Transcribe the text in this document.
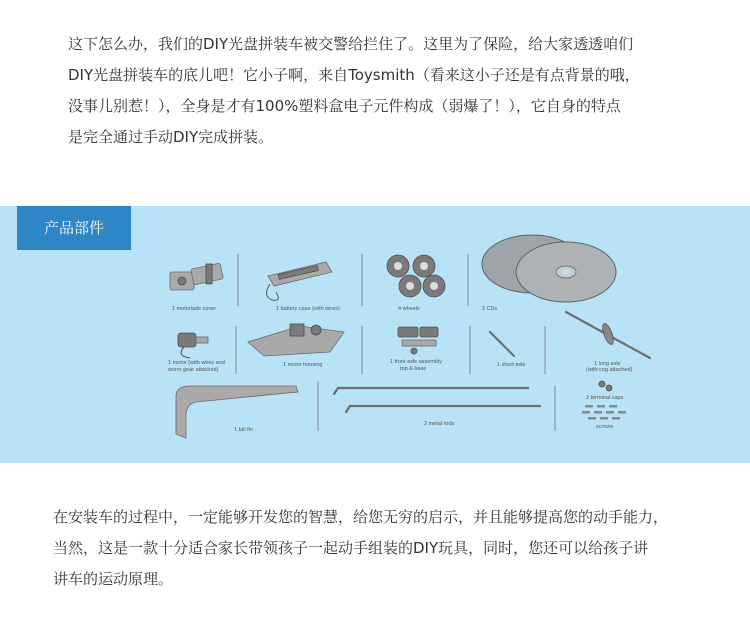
这下怎么办，我们的DIY光盘拼装车被交警给拦住了。这里为了保险，给大家透透咱们
DIY光盘拼装车的底儿吧！它小子啊，来自Toysmith（看来这小子还是有点背景的哦，
没事儿别惹！），全身是才有100%塑料盒电子元件构成（弱爆了！），它自身的特点
是完全通过手动DIY完成拼装。
1 motorlade cover	1 battery case (with wires)	4 wheels	2 CDs
1 motor (with wires and
worm gear attached)
1 motor housing	1 front axle assembly
top & base
1 short axle	1 long axle
(with cog attached)
1 tail fin
2 metal rods
2 terminal caps
screws
产品部件
在安装车的过程中，一定能够开发您的智慧，给您无穷的启示，并且能够提高您的动手能力，
当然，这是一款十分适合家长带领孩子一起动手组装的DIY玩具，同时，您还可以给孩子讲
讲车的运动原理。
